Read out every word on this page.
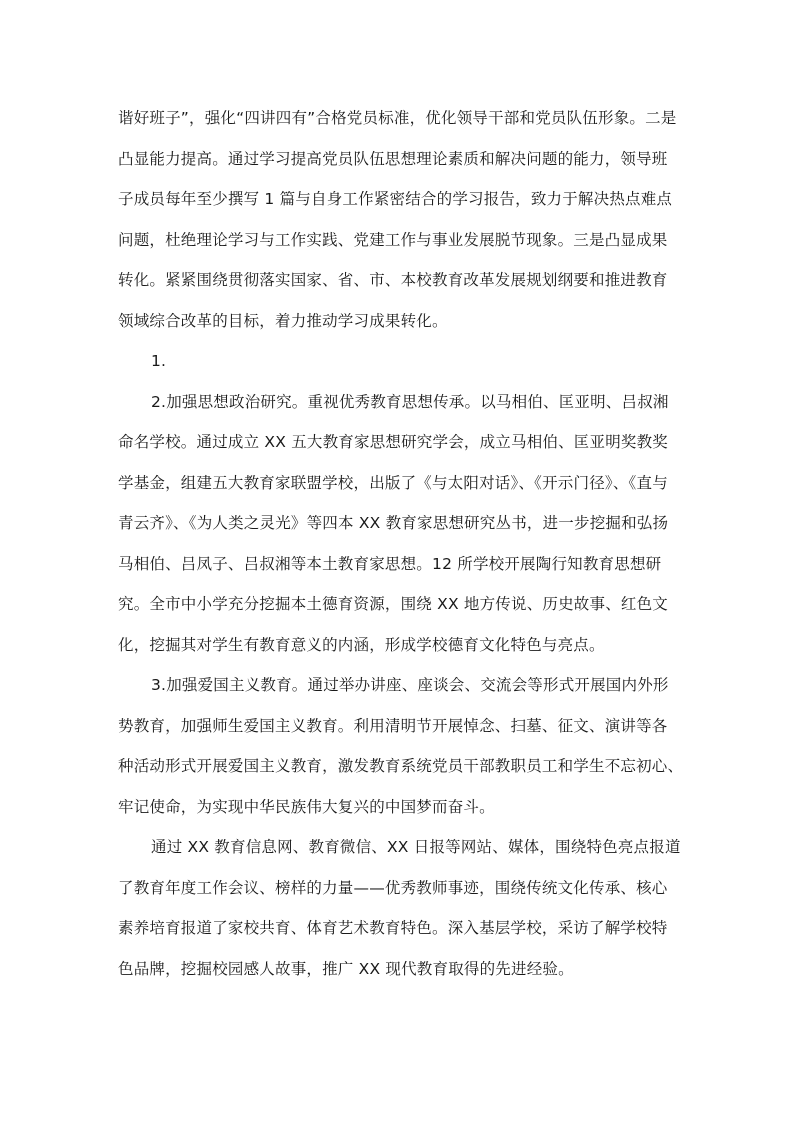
谐好班子”，强化“四讲四有”合格党员标准，优化领导干部和党员队伍形象。二是
凸显能力提高。通过学习提高党员队伍思想理论素质和解决问题的能力，领导班
子成员每年至少撰写 1 篇与自身工作紧密结合的学习报告，致力于解决热点难点
问题，杜绝理论学习与工作实践、党建工作与事业发展脱节现象。三是凸显成果
转化。紧紧围绕贯彻落实国家、省、市、本校教育改革发展规划纲要和推进教育
领域综合改革的目标，着力推动学习成果转化。
1.
2.加强思想政治研究。重视优秀教育思想传承。以马相伯、匡亚明、吕叔湘
命名学校。通过成立 XX 五大教育家思想研究学会，成立马相伯、匡亚明奖教奖
学基金，组建五大教育家联盟学校，出版了《与太阳对话》、《开示门径》、《直与
青云齐》、《为人类之灵光》等四本 XX 教育家思想研究丛书，进一步挖掘和弘扬
马相伯、吕凤子、吕叔湘等本土教育家思想。12 所学校开展陶行知教育思想研
究。全市中小学充分挖掘本土德育资源，围绕 XX 地方传说、历史故事、红色文
化，挖掘其对学生有教育意义的内涵，形成学校德育文化特色与亮点。
3.加强爱国主义教育。通过举办讲座、座谈会、交流会等形式开展国内外形
势教育，加强师生爱国主义教育。利用清明节开展悼念、扫墓、征文、演讲等各
种活动形式开展爱国主义教育，激发教育系统党员干部教职员工和学生不忘初心、
牢记使命，为实现中华民族伟大复兴的中国梦而奋斗。
通过 XX 教育信息网、教育微信、XX 日报等网站、媒体，围绕特色亮点报道
了教育年度工作会议、榜样的力量——优秀教师事迹，围绕传统文化传承、核心
素养培育报道了家校共育、体育艺术教育特色。深入基层学校，采访了解学校特
色品牌，挖掘校园感人故事，推广 XX 现代教育取得的先进经验。
